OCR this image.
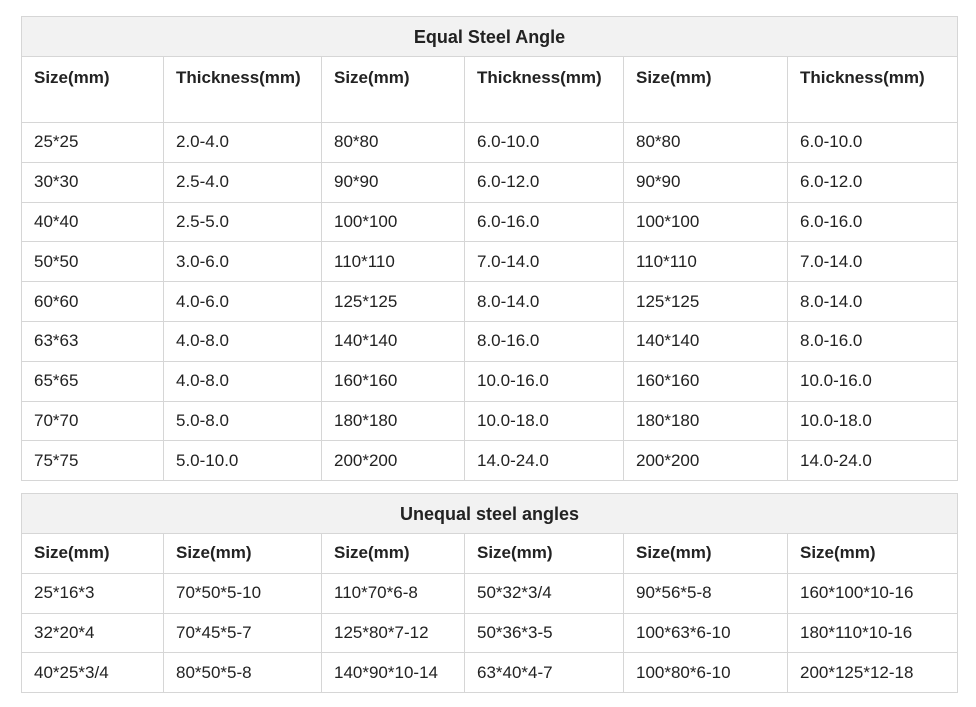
Equal Steel Angle					
Size(mm)	Thickness(mm)	Size(mm)	Thickness(mm)	Size(mm)	Thickness(mm)
25*25	2.0-4.0	80*80	6.0-10.0	80*80	6.0-10.0
30*30	2.5-4.0	90*90	6.0-12.0	90*90	6.0-12.0
40*40	2.5-5.0	100*100	6.0-16.0	100*100	6.0-16.0
50*50	3.0-6.0	110*110	7.0-14.0	110*110	7.0-14.0
60*60	4.0-6.0	125*125	8.0-14.0	125*125	8.0-14.0
63*63	4.0-8.0	140*140	8.0-16.0	140*140	8.0-16.0
65*65	4.0-8.0	160*160	10.0-16.0	160*160	10.0-16.0
70*70	5.0-8.0	180*180	10.0-18.0	180*180	10.0-18.0
75*75	5.0-10.0	200*200	14.0-24.0	200*200	14.0-24.0
Unequal steel angles					
Size(mm)	Size(mm)	Size(mm)	Size(mm)	Size(mm)	Size(mm)
25*16*3	70*50*5-10	110*70*6-8	50*32*3/4	90*56*5-8	160*100*10-16
32*20*4	70*45*5-7	125*80*7-12	50*36*3-5	100*63*6-10	180*110*10-16
40*25*3/4	80*50*5-8	140*90*10-14	63*40*4-7	100*80*6-10	200*125*12-18
